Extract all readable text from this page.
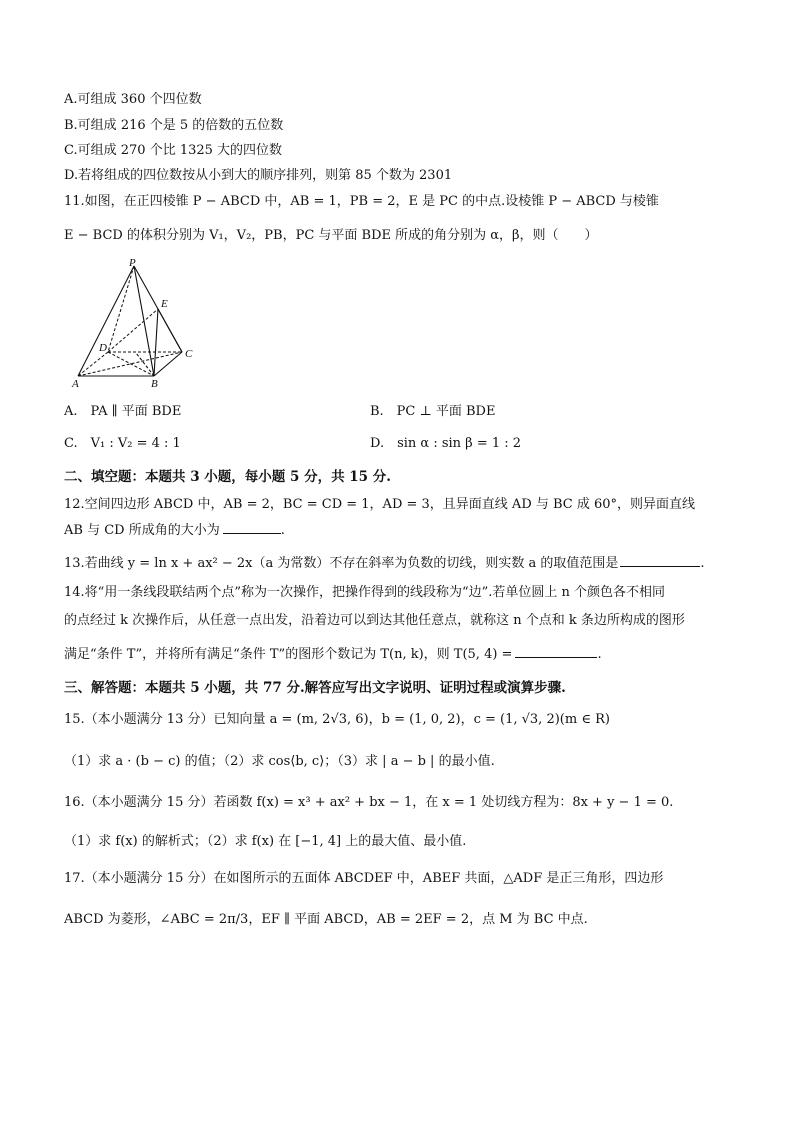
A.可组成 360 个四位数
B.可组成 216 个是 5 的倍数的五位数
C.可组成 270 个比 1325 大的四位数
D.若将组成的四位数按从小到大的顺序排列，则第 85 个数为 2301
11.如图，在正四棱锥 P − ABCD 中，AB = 1，PB = 2，E 是 PC 的中点.设棱锥 P − ABCD 与棱锥
E − BCD 的体积分别为 V₁，V₂，PB，PC 与平面 BDE 所成的角分别为 α，β，则（　　）
P
E
D	C
A	B
A.　PA ∥ 平面 BDE	B.　PC ⊥ 平面 BDE
C.　V₁ : V₂ = 4 : 1	D.　sin α : sin β = 1 : 2
二、填空题：本题共 3 小题，每小题 5 分，共 15 分.
12.空间四边形 ABCD 中，AB = 2，BC = CD = 1，AD = 3，且异面直线 AD 与 BC 成 60°，则异面直线
AB 与 CD 所成角的大小为	.
13.若曲线 y = ln x + ax² − 2x（a 为常数）不存在斜率为负数的切线，则实数 a 的取值范围是	.
14.将“用一条线段联结两个点”称为一次操作，把操作得到的线段称为“边”.若单位圆上 n 个颜色各不相同
的点经过 k 次操作后，从任意一点出发，沿着边可以到达其他任意点，就称这 n 个点和 k 条边所构成的图形
满足“条件 T”，并将所有满足“条件 T”的图形个数记为 T(n, k)，则 T(5, 4) =	.
三、解答题：本题共 5 小题，共 77 分.解答应写出文字说明、证明过程或演算步骤.
15.（本小题满分 13 分）已知向量 a = (m, 2√3, 6)，b = (1, 0, 2)，c = (1, √3, 2)(m ∈ R)
（1）求 a · (b − c) 的值；（2）求 cos⟨b, c⟩；（3）求 | a − b | 的最小值.
16.（本小题满分 15 分）若函数 f(x) = x³ + ax² + bx − 1，在 x = 1 处切线方程为：8x + y − 1 = 0.
（1）求 f(x) 的解析式；（2）求 f(x) 在 [−1, 4] 上的最大值、最小值.
17.（本小题满分 15 分）在如图所示的五面体 ABCDEF 中，ABEF 共面，△ADF 是正三角形，四边形
ABCD 为菱形，∠ABC = 2π/3，EF ∥ 平面 ABCD，AB = 2EF = 2，点 M 为 BC 中点.
